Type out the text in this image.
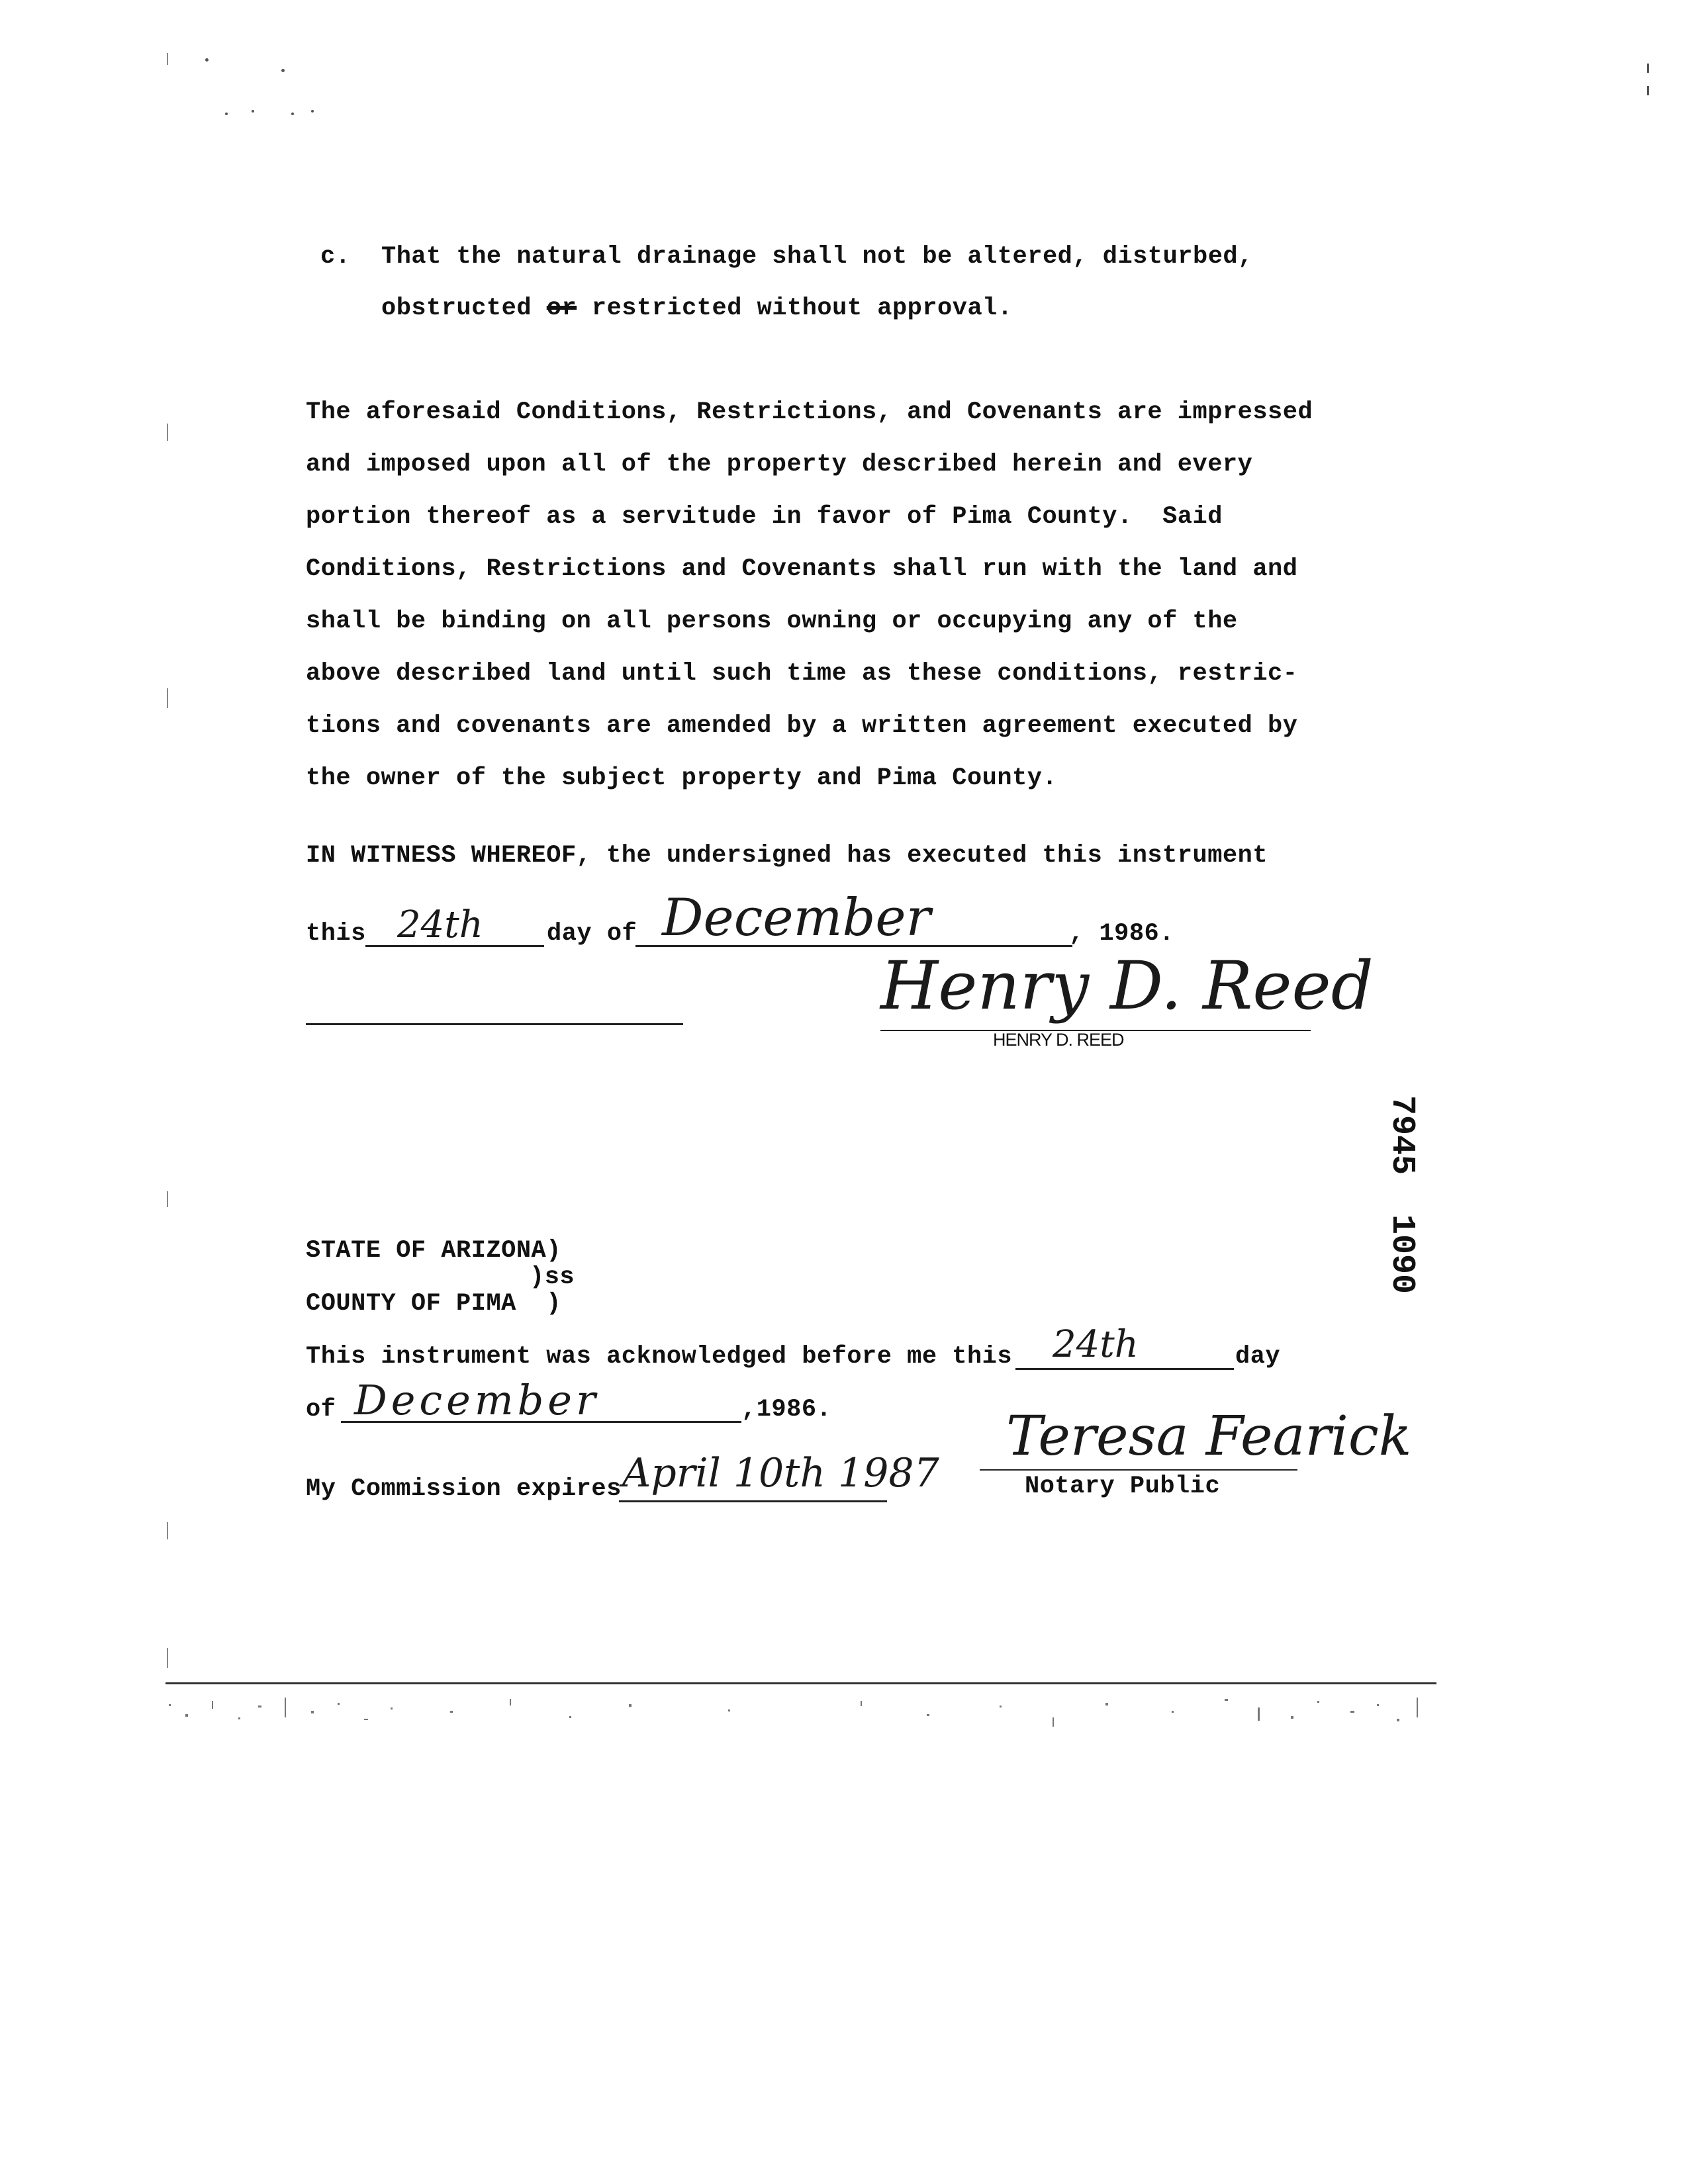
c. That the natural drainage shall not be altered, disturbed,
obstructed or restricted without approval.
The aforesaid Conditions, Restrictions, and Covenants are impressed
and imposed upon all of the property described herein and every
portion thereof as a servitude in favor of Pima County.  Said
Conditions, Restrictions and Covenants shall run with the land and
shall be binding on all persons owning or occupying any of the
above described land until such time as these conditions, restric-
tions and covenants are amended by a written agreement executed by
the owner of the subject property and Pima County.
IN WITNESS WHEREOF, the undersigned has executed this instrument
this 24th	day of December	, 1986.
Henry D. Reed
HENRY D. REED
7945  1090
STATE OF ARIZONA)
)ss
COUNTY OF PIMA  )
This instrument was acknowledged before me this 24th	day
of December	,1986.
My Commission expires April 10th 1987
Teresa Fearick
Notary Public
